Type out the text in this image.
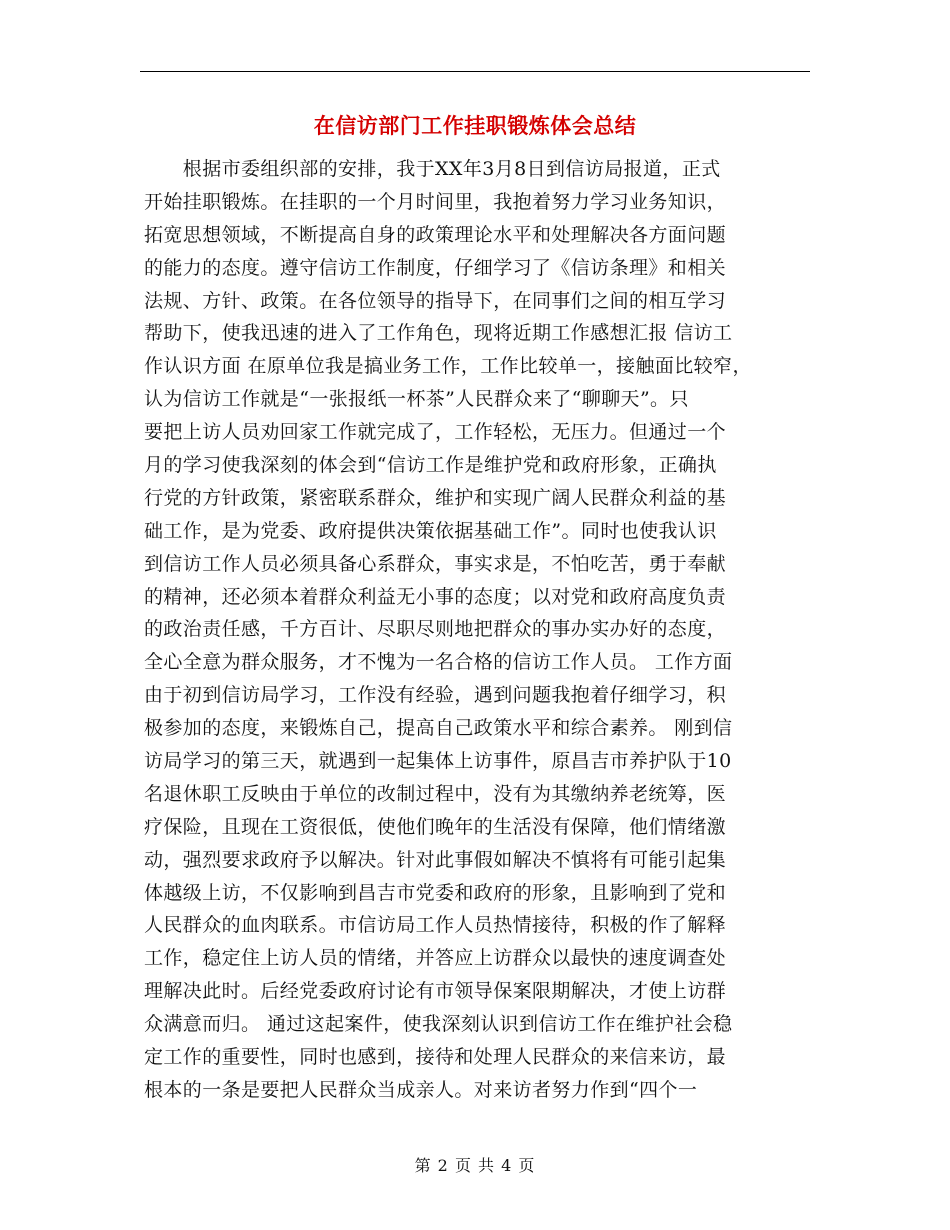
在信访部门工作挂职锻炼体会总结
　　根据市委组织部的安排，我于XX年3月8日到信访局报道，正式
开始挂职锻炼。在挂职的一个月时间里，我抱着努力学习业务知识，
拓宽思想领域，不断提高自身的政策理论水平和处理解决各方面问题
的能力的态度。遵守信访工作制度，仔细学习了《信访条理》和相关
法规、方针、政策。在各位领导的指导下，在同事们之间的相互学习
帮助下，使我迅速的进入了工作角色，现将近期工作感想汇报 信访工
作认识方面 在原单位我是搞业务工作，工作比较单一，接触面比较窄，
认为信访工作就是“一张报纸一杯茶”人民群众来了“聊聊天”。只
要把上访人员劝回家工作就完成了，工作轻松，无压力。但通过一个
月的学习使我深刻的体会到“信访工作是维护党和政府形象，正确执
行党的方针政策，紧密联系群众，维护和实现广阔人民群众利益的基
础工作，是为党委、政府提供决策依据基础工作”。同时也使我认识
到信访工作人员必须具备心系群众，事实求是，不怕吃苦，勇于奉献
的精神，还必须本着群众利益无小事的态度；以对党和政府高度负责
的政治责任感，千方百计、尽职尽则地把群众的事办实办好的态度，
全心全意为群众服务，才不愧为一名合格的信访工作人员。 工作方面
由于初到信访局学习，工作没有经验，遇到问题我抱着仔细学习，积
极参加的态度，来锻炼自己，提高自己政策水平和综合素养。 刚到信
访局学习的第三天，就遇到一起集体上访事件，原昌吉市养护队于10
名退休职工反映由于单位的改制过程中，没有为其缴纳养老统筹，医
疗保险，且现在工资很低，使他们晚年的生活没有保障，他们情绪激
动，强烈要求政府予以解决。针对此事假如解决不慎将有可能引起集
体越级上访，不仅影响到昌吉市党委和政府的形象，且影响到了党和
人民群众的血肉联系。市信访局工作人员热情接待，积极的作了解释
工作，稳定住上访人员的情绪，并答应上访群众以最快的速度调查处
理解决此时。后经党委政府讨论有市领导保案限期解决，才使上访群
众满意而归。 通过这起案件，使我深刻认识到信访工作在维护社会稳
定工作的重要性，同时也感到，接待和处理人民群众的来信来访，最
根本的一条是要把人民群众当成亲人。对来访者努力作到“四个一
第 2 页 共 4 页
